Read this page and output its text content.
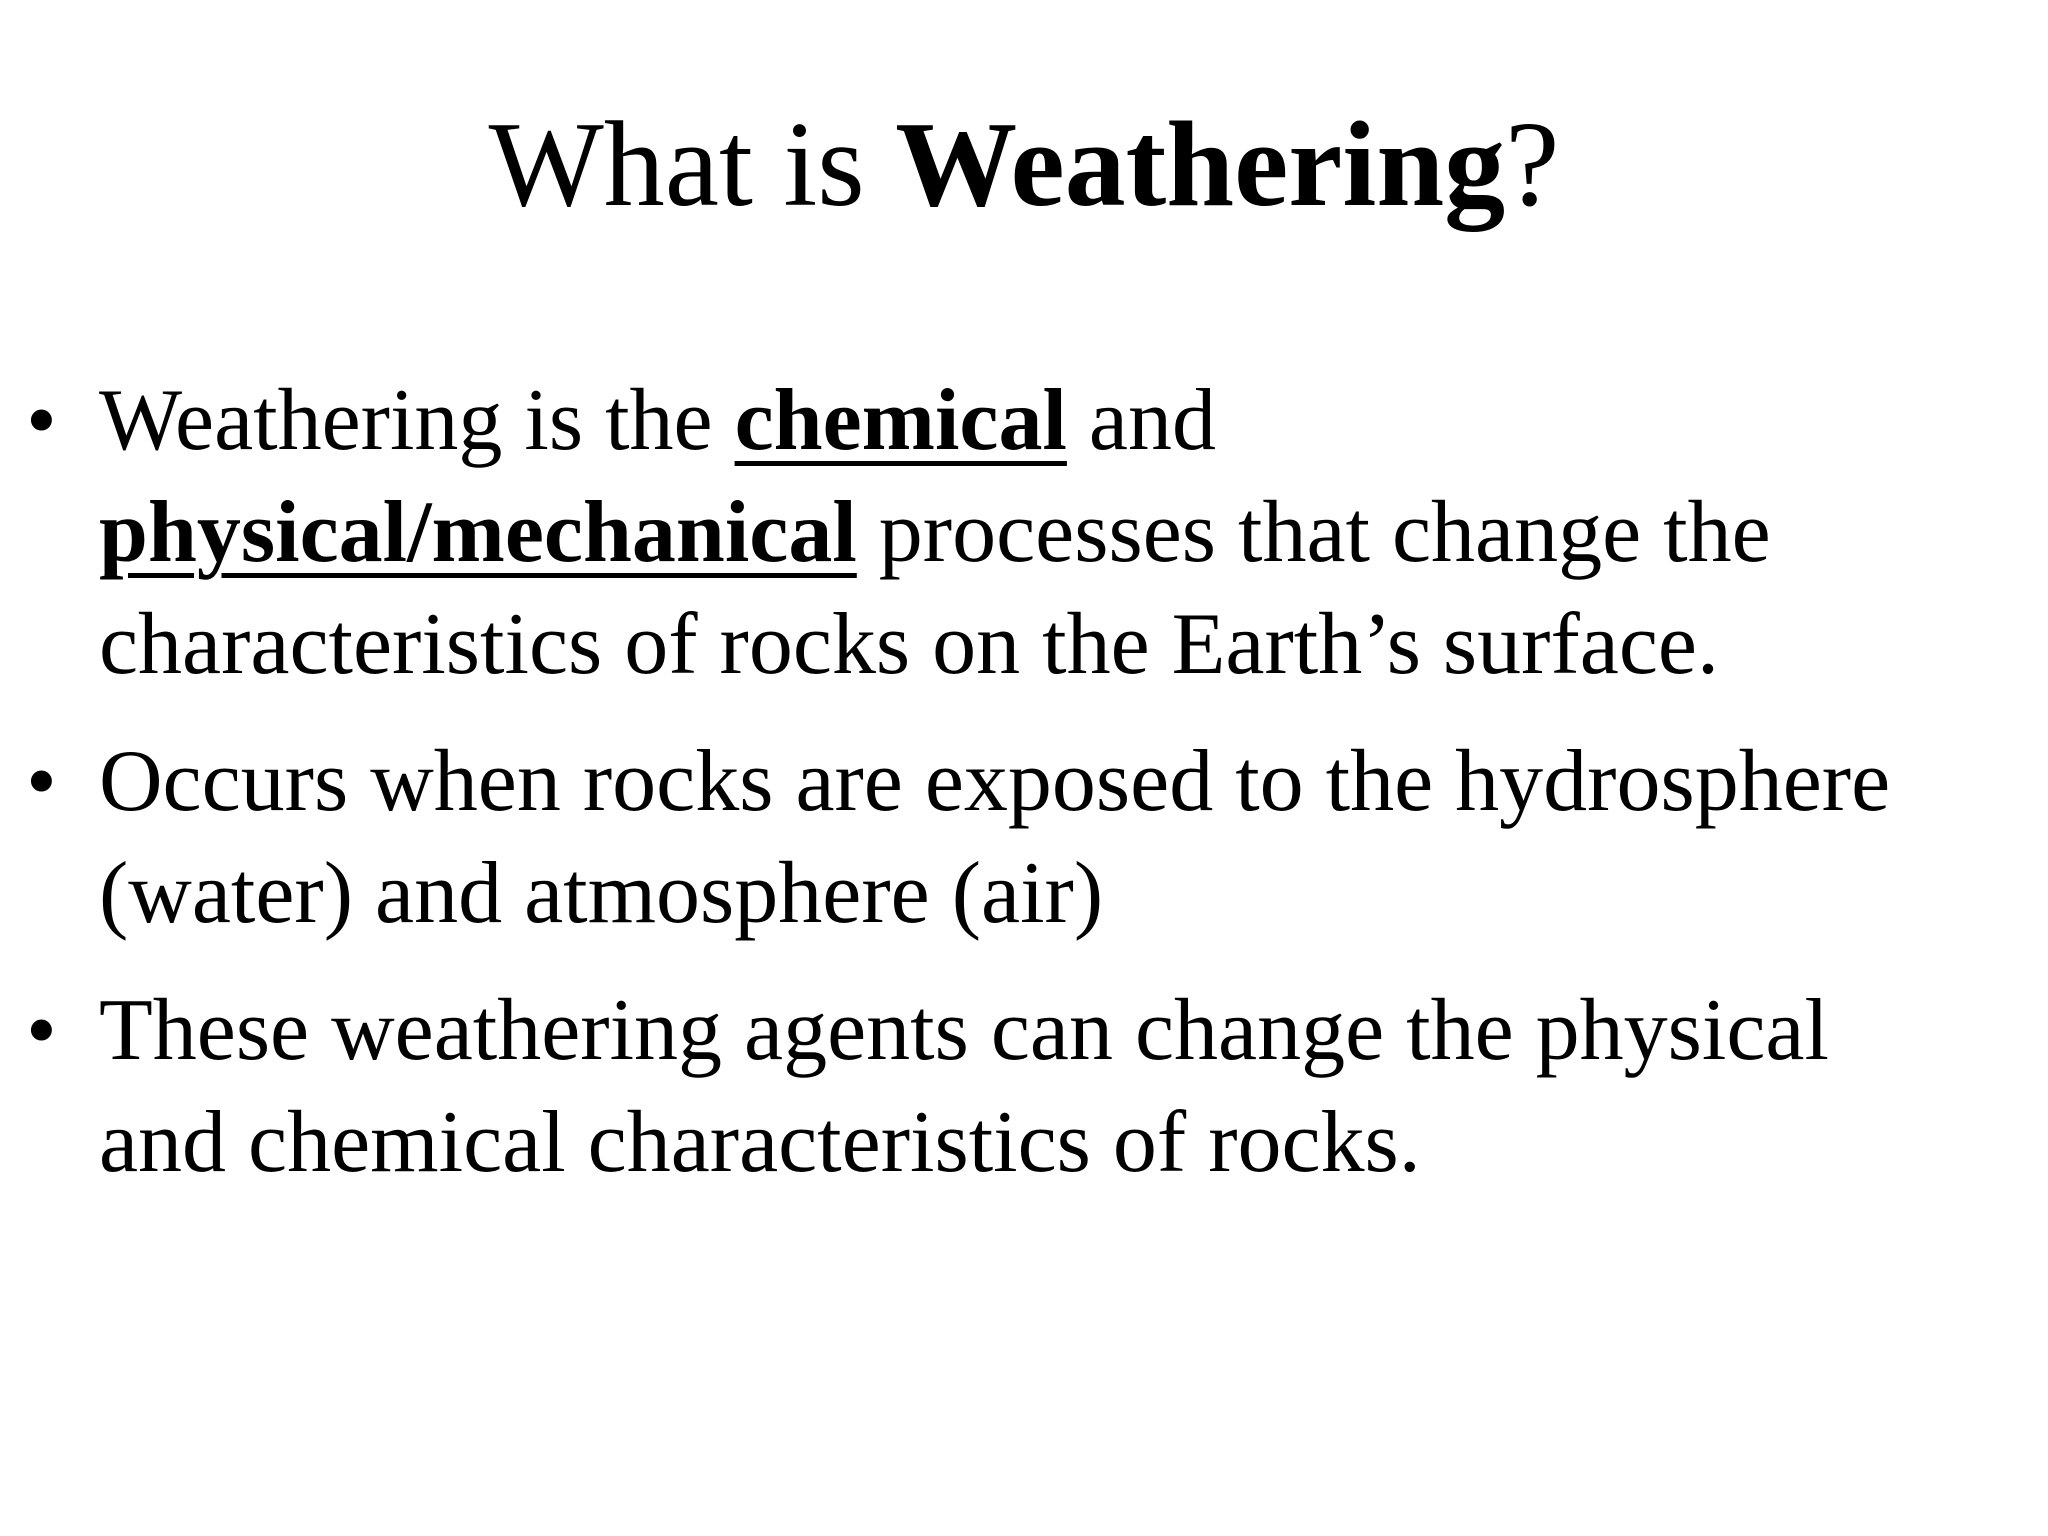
What is Weathering?
• Weathering is the chemical and
physical/mechanical processes that change the
characteristics of rocks on the Earth’s surface.
• Occurs when rocks are exposed to the hydrosphere
(water) and atmosphere (air)
• These weathering agents can change the physical
and chemical characteristics of rocks.
